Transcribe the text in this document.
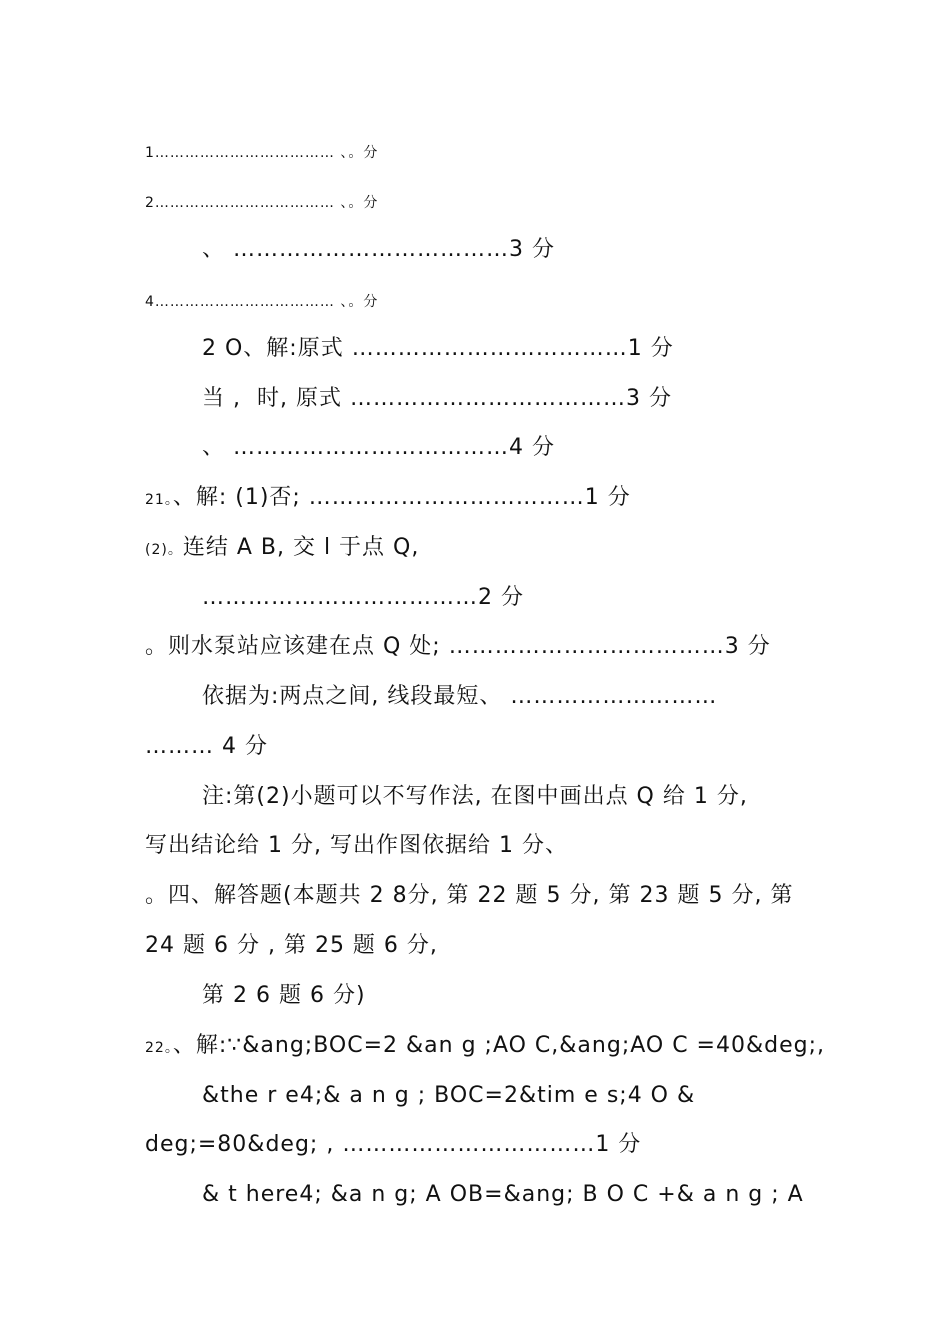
1……………………………… 、。分
2……………………………… 、。分
、 ………………………………3 分
4……………………………… 、。分
2 O、解:原式 ………………………………1 分
当 ,  时, 原式 ………………………………3 分
、 ………………………………4 分
21。、解: (1)否; ………………………………1 分
(2)。连结 A B, 交 l 于点 Q,
………………………………2 分
。则水泵站应该建在点 Q 处; ………………………………3 分
依据为:两点之间, 线段最短、 ………………………
……… 4 分
注:第(2)小题可以不写作法, 在图中画出点 Q 给 1 分,
写出结论给 1 分, 写出作图依据给 1 分、
。四、解答题(本题共 2 8分, 第 22 题 5 分, 第 23 题 5 分, 第
24 题 6 分 , 第 25 题 6 分,
第 2 6 题 6 分)
22。、解:∵&ang;BOC=2 &an g ;AO C,&ang;AO C =40&deg;,
&the r e4;& a n g ; BOC=2&tim e s;4 O &
deg;=80&deg; , ……………………………1 分
& t here4; &a n g; A OB=&ang; B O C +& a n g ; A
